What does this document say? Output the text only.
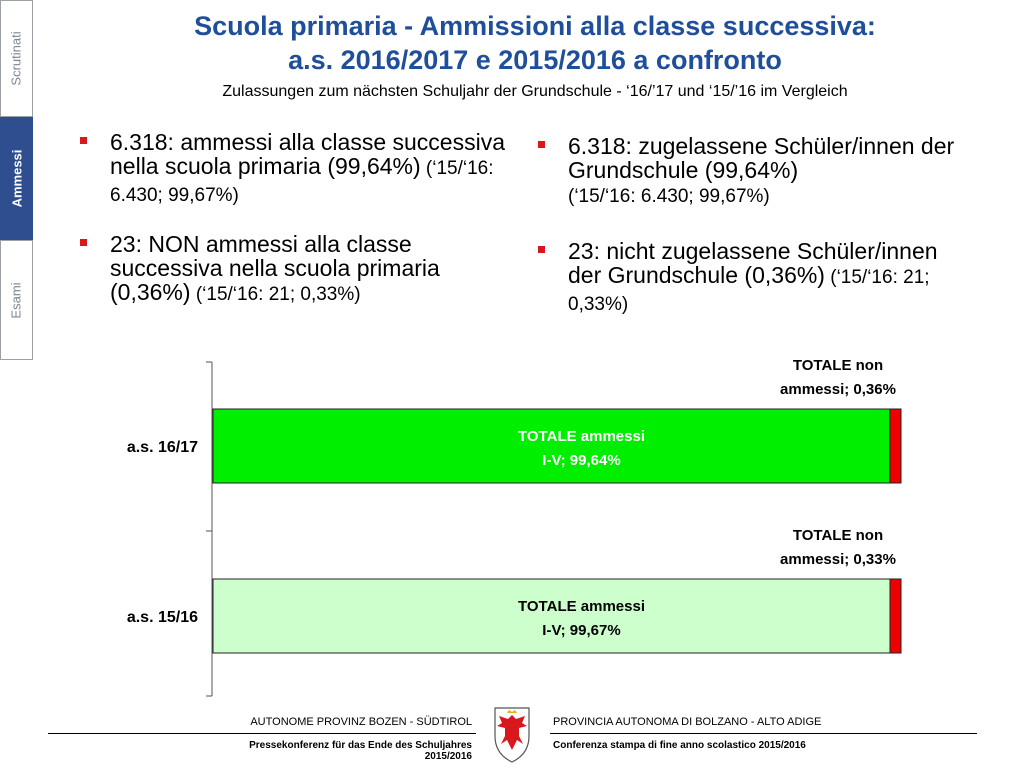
Scrutinati
Ammessi
Esami
Scuola primaria - Ammissioni alla classe successiva:
a.s. 2016/2017 e 2015/2016 a confronto
Zulassungen zum nächsten Schuljahr der Grundschule - ‘16/’17 und ‘15/’16 im Vergleich
6.318: ammessi alla classe successiva nella scuola primaria (99,64%) (‘15/‘16: 6.430; 99,67%)
23: NON ammessi alla classe successiva nella scuola primaria (0,36%) (‘15/‘16: 21; 0,33%)
6.318: zugelassene Schüler/innen der Grundschule (99,64%)
(‘15/‘16: 6.430; 99,67%)
23: nicht zugelassene Schüler/innen der Grundschule (0,36%) (‘15/‘16: 21; 0,33%)
a.s. 16/17
TOTALE ammessi
I-V; 99,64%
TOTALE non
ammessi; 0,36%
a.s. 15/16
TOTALE ammessi
I-V; 99,67%
TOTALE non
ammessi; 0,33%
AUTONOME PROVINZ BOZEN - SÜDTIROL
Pressekonferenz für das Ende des Schuljahres 2015/2016
PROVINCIA AUTONOMA DI BOLZANO - ALTO ADIGE
Conferenza stampa di fine anno scolastico 2015/2016
